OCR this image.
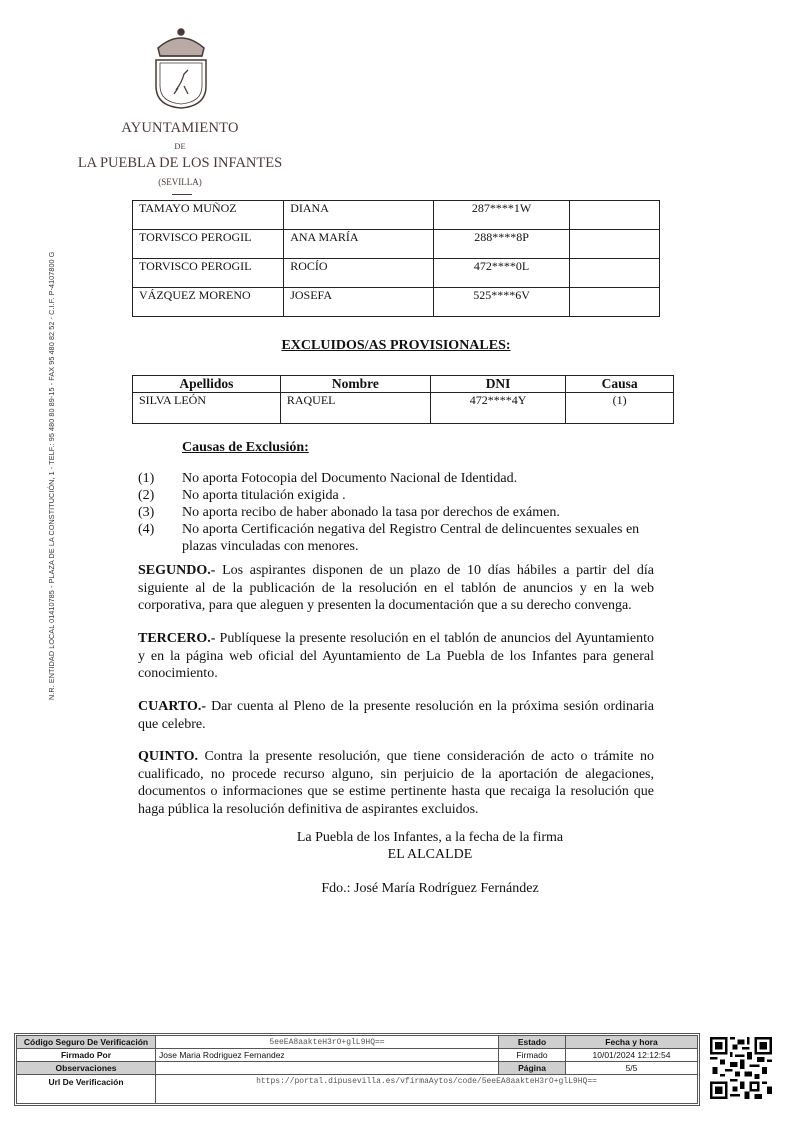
AYUNTAMIENTO
DE
LA PUEBLA DE LOS INFANTES
(SEVILLA)
N.R. ENTIDAD LOCAL 01410785 - PLAZA DE LA CONSTITUCIÓN, 1 - TELF.: 95 480 80 89-15 - FAX 95 480 82 52 - C.I.F. P-4107800 G
TAMAYO MUÑOZ	DIANA	287****1W	
TORVISCO PEROGIL	ANA MARÍA	288****8P	
TORVISCO PEROGIL	ROCÍO	472****0L	
VÁZQUEZ MORENO	JOSEFA	525****6V	
EXCLUIDOS/AS PROVISIONALES:
Apellidos	Nombre	DNI	Causa
SILVA LEÓN	RAQUEL	472****4Y	(1)
Causas de Exclusión:
(1)	No aporta Fotocopia del Documento Nacional de Identidad.
(2)	No aporta titulación exigida .
(3)	No aporta recibo de haber abonado la tasa por derechos de exámen.
(4)	No aporta Certificación negativa del Registro Central de delincuentes sexuales en plazas vinculadas con menores.
SEGUNDO.- Los aspirantes disponen de un plazo de 10 días hábiles a partir del día siguiente al de la publicación de la resolución en el tablón de anuncios y en la web corporativa, para que aleguen y presenten la documentación que a su derecho convenga.
TERCERO.- Publíquese la presente resolución en el tablón de anuncios del Ayuntamiento y en la página web oficial del Ayuntamiento de La Puebla de los Infantes para general conocimiento.
CUARTO.- Dar cuenta al Pleno de la presente resolución en la próxima sesión ordinaria que celebre.
QUINTO. Contra la presente resolución, que tiene consideración de acto o trámite no cualificado, no procede recurso alguno, sin perjuicio de la aportación de alegaciones, documentos o informaciones que se estime pertinente hasta que recaiga la resolución que haga pública la resolución definitiva de aspirantes excluidos.
La Puebla de los Infantes, a la fecha de la firma
EL ALCALDE
Fdo.: José María Rodríguez Fernández
Código Seguro De Verificación	5eeEA8aakteH3rO+glL9HQ==	Estado	Fecha y hora
Firmado Por	Jose Maria Rodriguez Fernandez	Firmado	10/01/2024 12:12:54
Observaciones		Página	5/5
Url De Verificación	https://portal.dipusevilla.es/vfirmaAytos/code/5eeEA8aakteH3rO+glL9HQ==		
